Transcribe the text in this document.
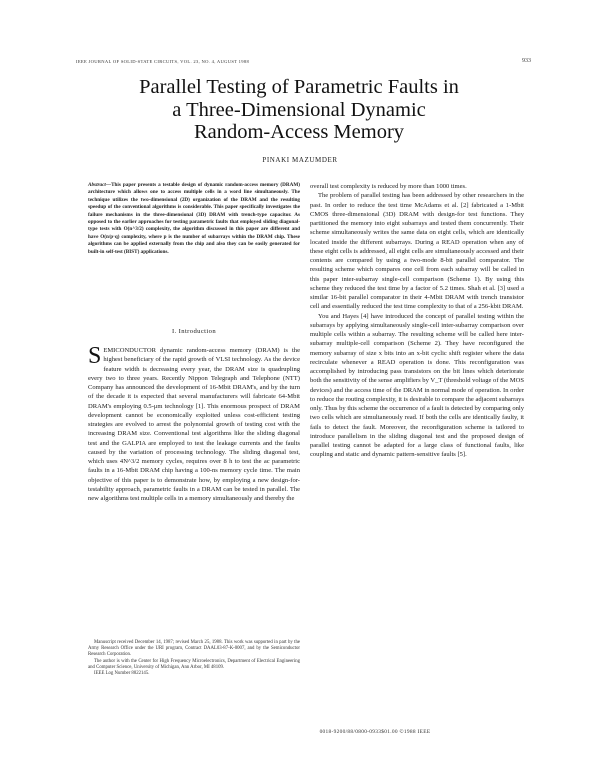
IEEE JOURNAL OF SOLID-STATE CIRCUITS, VOL. 23, NO. 4, AUGUST 1988	933
Parallel Testing of Parametric Faults in
a Three-Dimensional Dynamic
Random-Access Memory
PINAKI MAZUMDER
Abstract—This paper presents a testable design of dynamic random-access memory (DRAM) architecture which allows one to access multiple cells in a word line simultaneously. The technique utilizes the two-dimensional (2D) organization of the DRAM and the resulting speedup of the conventional algorithms is considerable. This paper specifically investigates the failure mechanisms in the three-dimensional (3D) DRAM with trench-type capacitor. As opposed to the earlier approaches for testing parametric faults that employed sliding diagonal-type tests with O(n^3/2) complexity, the algorithm discussed in this paper are different and have O(n/p·q) complexity, where p is the number of subarrays within the DRAM chip. These algorithms can be applied externally from the chip and also they can be easily generated for built-in self-test (BIST) applications.
I. Introduction
SEMICONDUCTOR dynamic random-access memory (DRAM) is the highest beneficiary of the rapid growth of VLSI technology. As the device feature width is decreasing every year, the DRAM size is quadrupling every two to three years. Recently Nippon Telegraph and Telephone (NTT) Company has announced the development of 16-Mbit DRAM's, and by the turn of the decade it is expected that several manufacturers will fabricate 64-Mbit DRAM's employing 0.5-μm technology [1]. This enormous prospect of DRAM development cannot be economically exploited unless cost-efficient testing strategies are evolved to arrest the polynomial growth of testing cost with the increasing DRAM size. Conventional test algorithms like the sliding diagonal test and the GALPIA are employed to test the leakage currents and the faults caused by the variation of processing technology. The sliding diagonal test, which uses 4N^3/2 memory cycles, requires over 8 h to test the ac parametric faults in a 16-Mbit DRAM chip having a 100-ns memory cycle time. The main objective of this paper is to demonstrate how, by employing a new design-for-testability approach, parametric faults in a DRAM can be tested in parallel. The new algorithms test multiple cells in a memory simultaneously and thereby the

Manuscript received December 14, 1987; revised March 25, 1988. This work was supported in part by the Army Research Office under the URI program, Contract DAAL03-87-K-0007, and by the Semiconductor Research Corporation.

The author is with the Center for High Frequency Microelectronics, Department of Electrical Engineering and Computer Science, University of Michigan, Ann Arbor, MI 48109.

IEEE Log Number 8822145.

overall test complexity is reduced by more than 1000 times.

The problem of parallel testing has been addressed by other researchers in the past. In order to reduce the test time McAdams et al. [2] fabricated a 1-Mbit CMOS three-dimensional (3D) DRAM with design-for test functions. They partitioned the memory into eight subarrays and tested them concurrently. Their scheme simultaneously writes the same data on eight cells, which are identically located inside the different subarrays. During a READ operation when any of these eight cells is addressed, all eight cells are simultaneously accessed and their contents are compared by using a two-mode 8-bit parallel comparator. The resulting scheme which compares one cell from each subarray will be called in this paper inter-subarray single-cell comparison (Scheme 1). By using this scheme they reduced the test time by a factor of 5.2 times. Shah et al. [3] used a similar 16-bit parallel comparator in their 4-Mbit DRAM with trench transistor cell and essentially reduced the test time complexity to that of a 256-kbit DRAM.

You and Hayes [4] have introduced the concept of parallel testing within the subarrays by applying simultaneously single-cell inter-subarray comparison over multiple cells within a subarray. The resulting scheme will be called here inter-subarray multiple-cell comparison (Scheme 2). They have reconfigured the memory subarray of size x bits into an x-bit cyclic shift register where the data recirculate whenever a READ operation is done. This reconfiguration was accomplished by introducing pass transistors on the bit lines which deteriorate both the sensitivity of the sense amplifiers by V_T (threshold voltage of the MOS devices) and the access time of the DRAM in normal mode of operation. In order to reduce the routing complexity, it is desirable to compare the adjacent subarrays only. Thus by this scheme the occurrence of a fault is detected by comparing only two cells which are simultaneously read. If both the cells are identically faulty, it fails to detect the fault. Moreover, the reconfiguration scheme is tailored to introduce parallelism in the sliding diagonal test and the proposed design of parallel testing cannot be adapted for a large class of functional faults, like coupling and static and dynamic pattern-sensitive faults [5].

0018-9200/88/0800-0933$01.00 ©1988 IEEE
